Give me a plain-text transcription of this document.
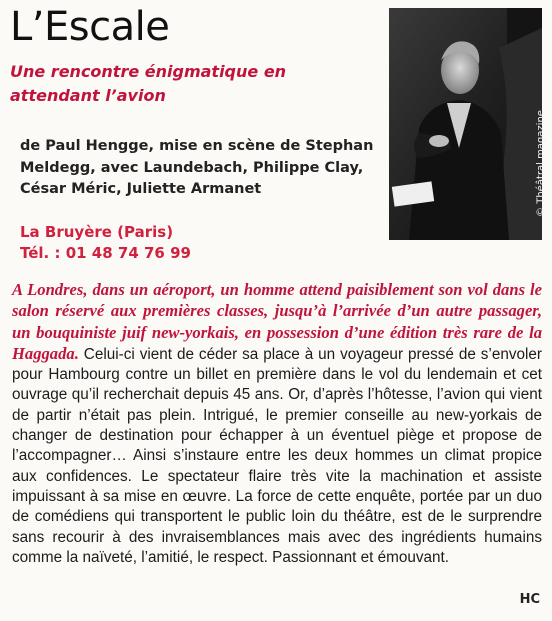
L’Escale

Une rencontre énigmatique en attendant l’avion

de Paul Hengge, mise en scène de Stephan Meldegg, avec Laundebach, Philippe Clay, César Méric, Juliette Armanet

La Bruyère (Paris)
Tél. : 01 48 74 76 99
© Théâtral magazine

A Londres, dans un aéroport, un homme attend paisiblement son vol dans le salon réservé aux premières classes, jusqu’à l’arrivée d’un autre passager, un bouquiniste juif new-yorkais, en possession d’une édition très rare de la Haggada. Celui-ci vient de céder sa place à un voyageur pressé de s’envoler pour Hambourg contre un billet en première dans le vol du lendemain et cet ouvrage qu’il recherchait depuis 45 ans. Or, d’après l’hôtesse, l’avion qui vient de partir n’était pas plein. Intrigué, le premier conseille au new-yorkais de changer de destination pour échapper à un éventuel piège et propose de l’accompagner… Ainsi s’instaure entre les deux hommes un climat propice aux confidences. Le spectateur flaire très vite la machination et assiste impuissant à sa mise en œuvre. La force de cette enquête, portée par un duo de comédiens qui transportent le public loin du théâtre, est de le surprendre sans recourir à des invraisemblances mais avec des ingrédients humains comme la naïveté, l’amitié, le respect. Passionnant et émouvant.

HC
